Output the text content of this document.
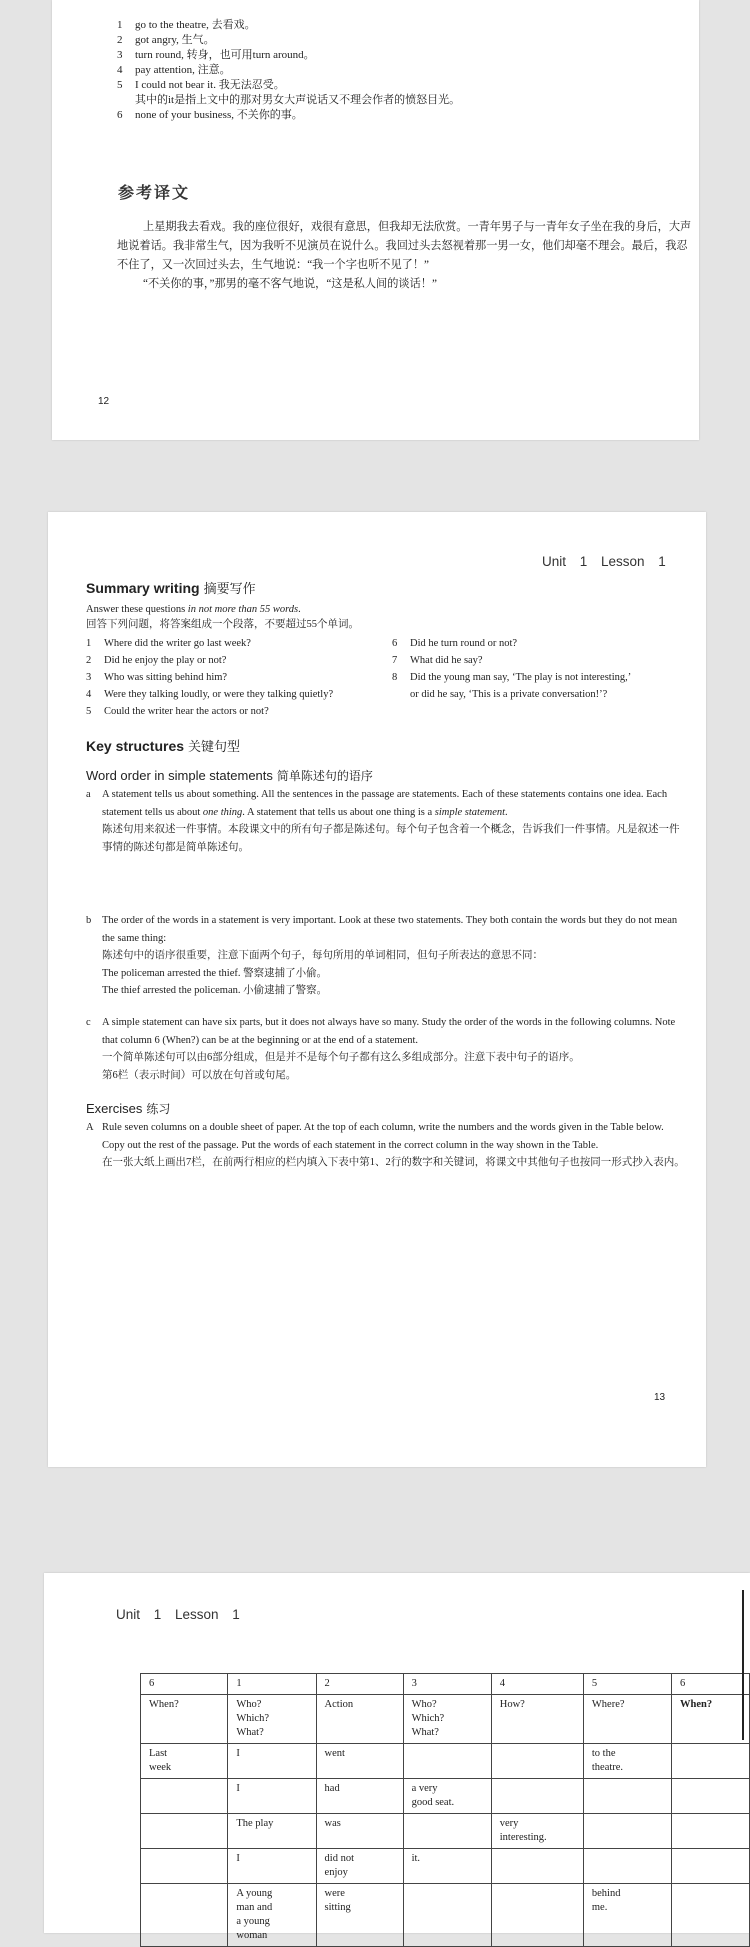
1	go to the theatre, 去看戏。
2	got angry, 生气。
3	turn round, 转身，也可用turn around。
4	pay attention, 注意。
5	I could not bear it. 我无法忍受。
其中的it是指上文中的那对男女大声说话又不理会作者的愤怒目光。
6	none of your business, 不关你的事。
参考译文
上星期我去看戏。我的座位很好，戏很有意思，但我却无法欣赏。一青年男子与一青年女子坐在我的身后，大声地说着话。我非常生气，因为我听不见演员在说什么。我回过头去怒视着那一男一女，他们却毫不理会。最后，我忍不住了，又一次回过头去，生气地说：“我一个字也听不见了！”
“不关你的事，”那男的毫不客气地说，“这是私人间的谈话！”
12
Unit 1 Lesson 1
Summary writing 摘要写作
Answer these questions in not more than 55 words.
回答下列问题，将答案组成一个段落，不要超过55个单词。
1	Where did the writer go last week?
2	Did he enjoy the play or not?
3	Who was sitting behind him?
4	Were they talking loudly, or were they talking quietly?
5	Could the writer hear the actors or not?
6	Did he turn round or not?
7	What did he say?
8	Did the young man say, ‘The play is not interesting,’
or did he say, ‘This is a private conversation!’?
Key structures 关键句型
Word order in simple statements 简单陈述句的语序
a	A statement tells us about something. All the sentences in the passage are statements. Each of these statements contains one idea. Each statement tells us about one thing. A statement that tells us about one thing is a simple statement.

陈述句用来叙述一件事情。本段课文中的所有句子都是陈述句。每个句子包含着一个概念，告诉我们一件事情。凡是叙述一件事情的陈述句都是简单陈述句。

b	The order of the words in a statement is very important. Look at these two statements. They both contain the words but they do not mean the same thing:

陈述句中的语序很重要，注意下面两个句子，每句所用的单词相同，但句子所表达的意思不同：

The policeman arrested the thief. 警察逮捕了小偷。

The thief arrested the policeman. 小偷逮捕了警察。

c	A simple statement can have six parts, but it does not always have so many. Study the order of the words in the following columns. Note that column 6 (When?) can be at the beginning or at the end of a statement.

一个简单陈述句可以由6部分组成，但是并不是每个句子都有这么多组成部分。注意下表中句子的语序。

第6栏（表示时间）可以放在句首或句尾。

Exercises 练习
A Rule seven columns on a double sheet of paper. At the top of each column, write the numbers and the words given in the Table below. Copy out the rest of the passage. Put the words of each statement in the correct column in the way shown in the Table.

在一张大纸上画出7栏，在前两行相应的栏内填入下表中第1、2行的数字和关键词，将课文中其他句子也按同一形式抄入表内。

13
Unit 1 Lesson 1
6	1	2	3	4	5	6
When?	Who?
Which?
What?	Action	Who?
Which?
What?	How?	Where?	When?
Last
week	I	went			to the
theatre.	
	I	had	a very
good seat.			
	The play	was		very
interesting.		
	I	did not
enjoy	it.			
	A young
man and
a young
woman	were
sitting			behind
me.	
